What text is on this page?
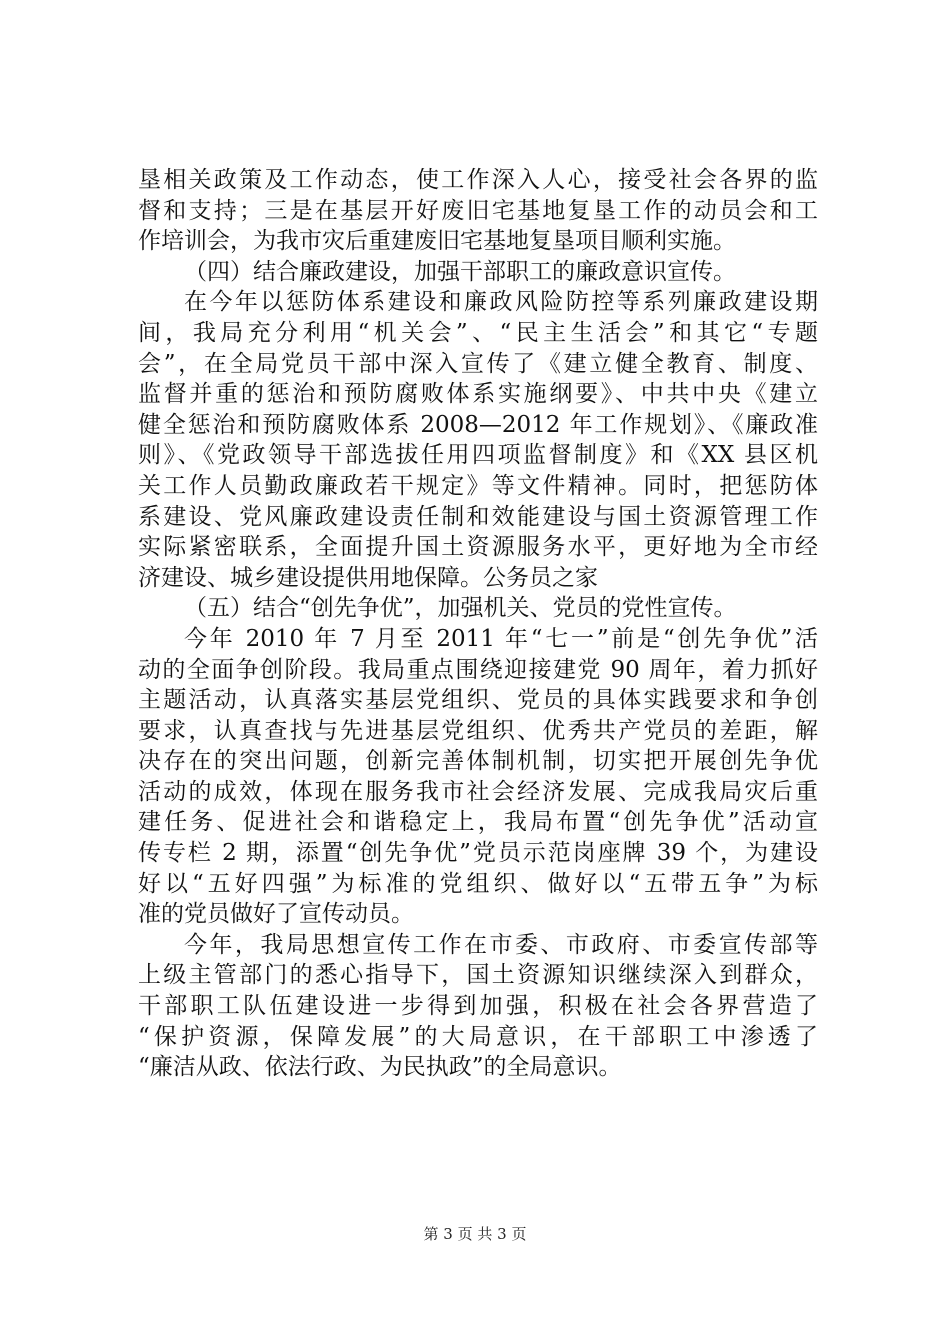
垦相关政策及工作动态，使工作深入人心，接受社会各界的监
督和支持；三是在基层开好废旧宅基地复垦工作的动员会和工
作培训会，为我市灾后重建废旧宅基地复垦项目顺利实施。
（四）结合廉政建设，加强干部职工的廉政意识宣传。
在今年以惩防体系建设和廉政风险防控等系列廉政建设期
间，我局充分利用“机关会”、“民主生活会”和其它“专题
会”，在全局党员干部中深入宣传了《建立健全教育、制度、
监督并重的惩治和预防腐败体系实施纲要》、中共中央《建立
健全惩治和预防腐败体系 2008—2012 年工作规划》、《廉政准
则》、《党政领导干部选拔任用四项监督制度》和《XX 县区机
关工作人员勤政廉政若干规定》等文件精神。同时，把惩防体
系建设、党风廉政建设责任制和效能建设与国土资源管理工作
实际紧密联系，全面提升国土资源服务水平，更好地为全市经
济建设、城乡建设提供用地保障。公务员之家
（五）结合“创先争优”，加强机关、党员的党性宣传。
今年 2010 年 7 月至 2011 年“七一”前是“创先争优”活
动的全面争创阶段。我局重点围绕迎接建党 90 周年，着力抓好
主题活动，认真落实基层党组织、党员的具体实践要求和争创
要求，认真查找与先进基层党组织、优秀共产党员的差距，解
决存在的突出问题，创新完善体制机制，切实把开展创先争优
活动的成效，体现在服务我市社会经济发展、完成我局灾后重
建任务、促进社会和谐稳定上，我局布置“创先争优”活动宣
传专栏 2 期，添置“创先争优”党员示范岗座牌 39 个，为建设
好以“五好四强”为标准的党组织、做好以“五带五争”为标
准的党员做好了宣传动员。
今年，我局思想宣传工作在市委、市政府、市委宣传部等
上级主管部门的悉心指导下，国土资源知识继续深入到群众，
干部职工队伍建设进一步得到加强，积极在社会各界营造了
“保护资源，保障发展”的大局意识，在干部职工中渗透了
“廉洁从政、依法行政、为民执政”的全局意识。
第 3 页 共 3 页
